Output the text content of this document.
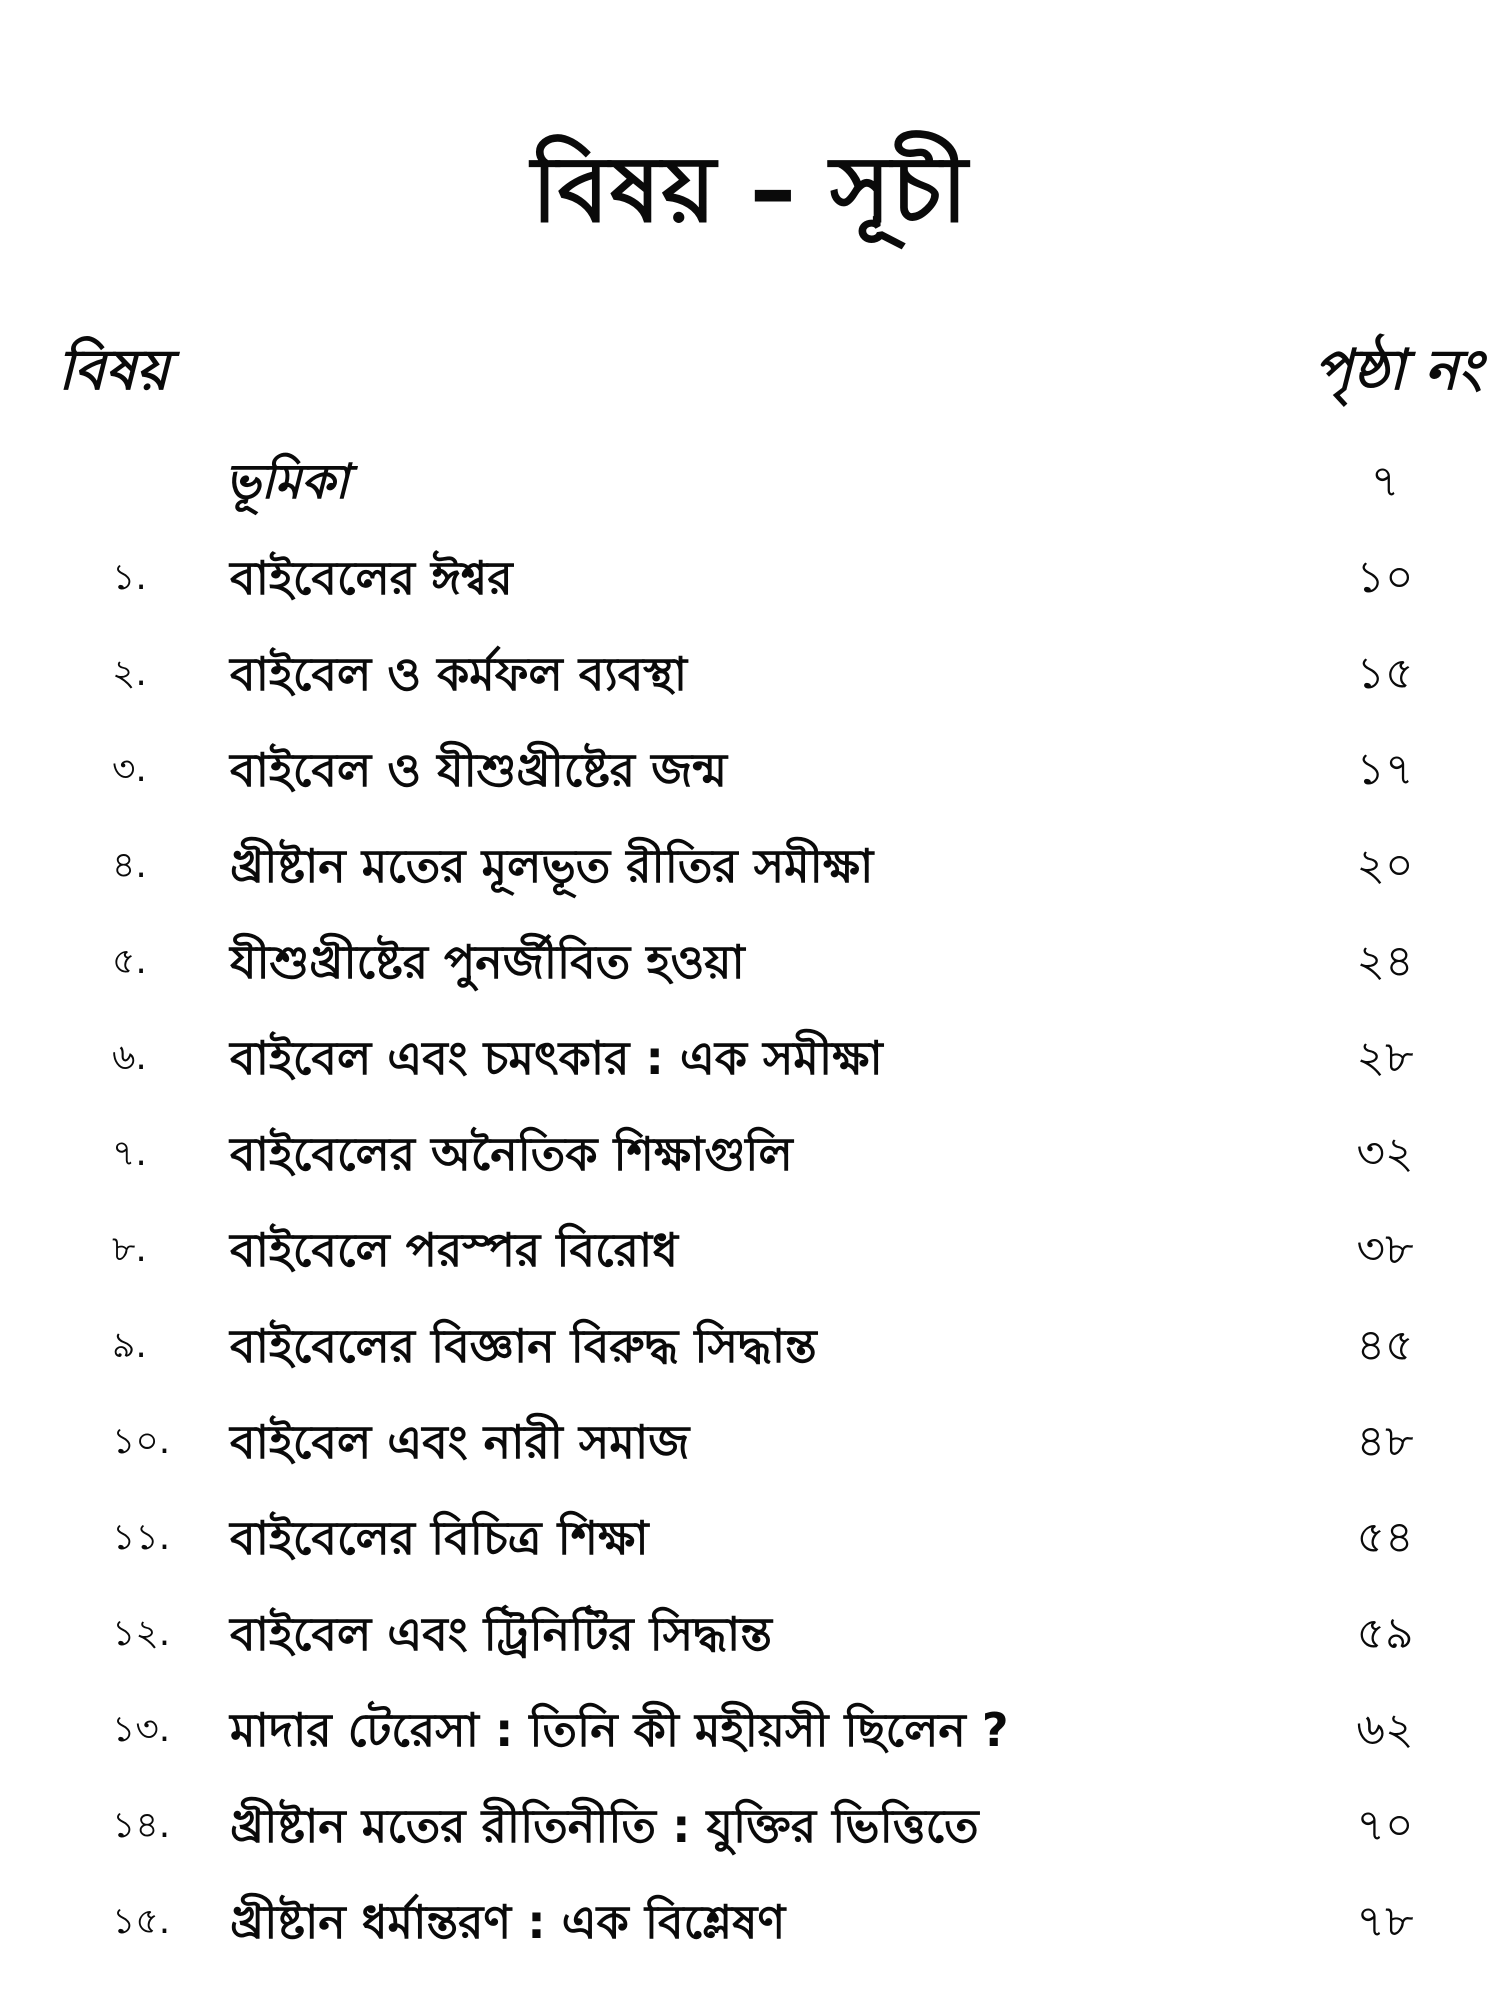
বিষয় – সূচী
বিষয়	পৃষ্ঠা নং
ভূমিকা	৭
১.	বাইবেলের ঈশ্বর	১০
২.	বাইবেল ও কর্মফল ব্যবস্থা	১৫
৩.	বাইবেল ও যীশুখ্রীষ্টের জন্ম	১৭
৪.	খ্রীষ্টান মতের মূলভূত রীতির সমীক্ষা	২০
৫.	যীশুখ্রীষ্টের পুনর্জীবিত হওয়া	২৪
৬.	বাইবেল এবং চমৎকার : এক সমীক্ষা	২৮
৭.	বাইবেলের অনৈতিক শিক্ষাগুলি	৩২
৮.	বাইবেলে পরস্পর বিরোধ	৩৮
৯.	বাইবেলের বিজ্ঞান বিরুদ্ধ সিদ্ধান্ত	৪৫
১০.	বাইবেল এবং নারী সমাজ	৪৮
১১.	বাইবেলের বিচিত্র শিক্ষা	৫৪
১২.	বাইবেল এবং ট্রিনিটির সিদ্ধান্ত	৫৯
১৩.	মাদার টেরেসা : তিনি কী মহীয়সী ছিলেন ?	৬২
১৪.	খ্রীষ্টান মতের রীতিনীতি : যুক্তির ভিত্তিতে	৭০
১৫.	খ্রীষ্টান ধর্মান্তরণ : এক বিশ্লেষণ	৭৮
